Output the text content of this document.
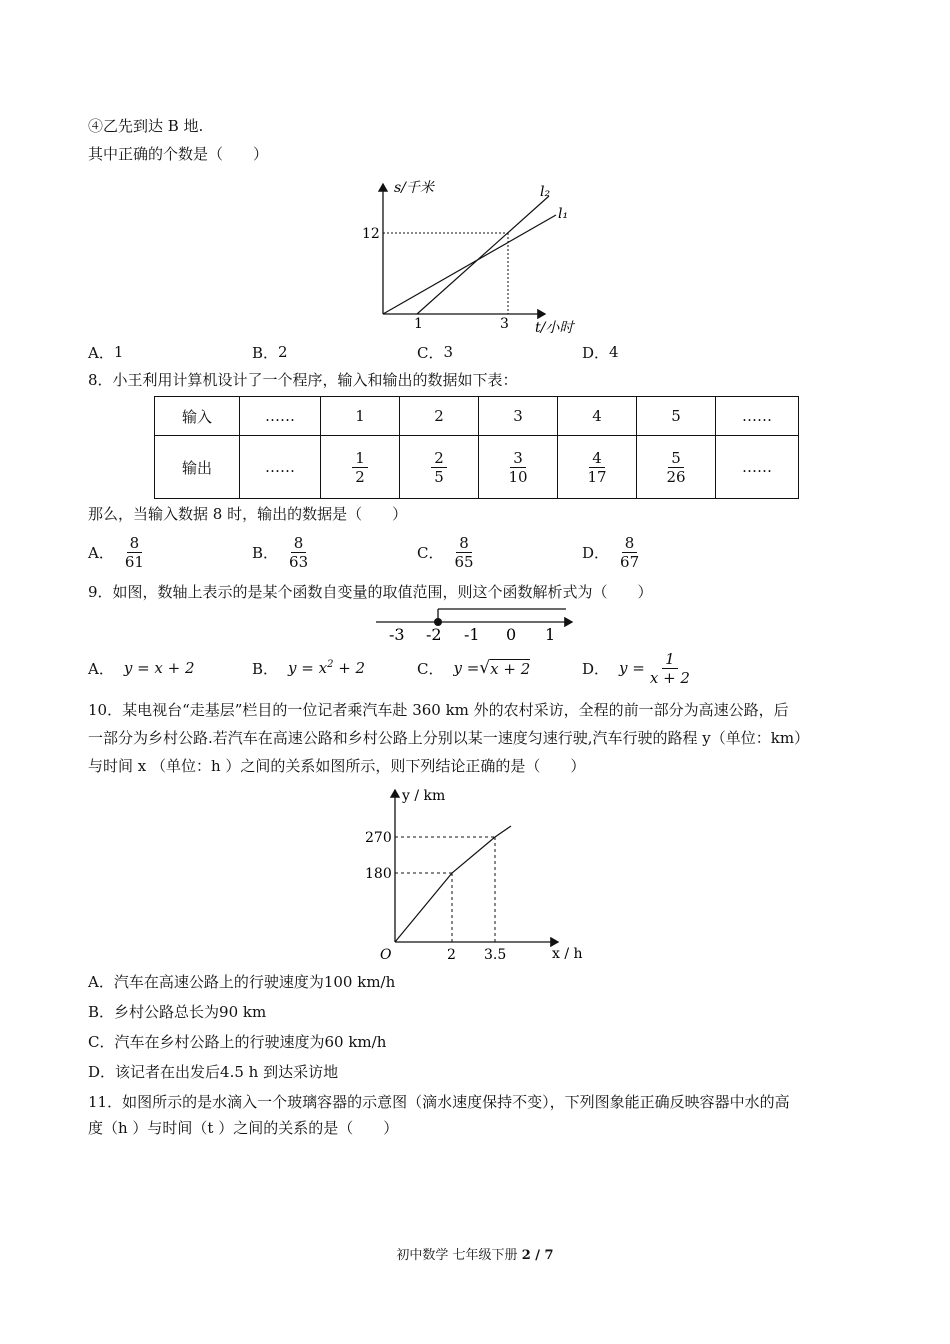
④乙先到达 B 地.
其中正确的个数是（　　）
s/千米
t/小时
12
1	3
l₂
l₁
A． 1	B． 2	C． 3	D． 4
8．小王利用计算机设计了一个程序，输入和输出的数据如下表：
输入	……	1	2	3	4	5	……
输出	……	$\frac{1}{2}$	$\frac{2}{5}$	$\frac{3}{10}$	$\frac{4}{17}$	$\frac{5}{26}$	……
那么，当输入数据 8 时，输出的数据是（　　）
A． $\frac{8}{61}$	B． $\frac{8}{63}$	C． $\frac{8}{65}$	D． $\frac{8}{67}$
9．如图，数轴上表示的是某个函数自变量的取值范围，则这个函数解析式为（　　）
-3 -2 -1 0 1
A． y = x + 2	B． $y = x^2 + 2$	C． y = √ x + 2	D． $y = \frac{1}{x + 2}$
10．某电视台“走基层”栏目的一位记者乘汽车赴 360 km 外的农村采访，全程的前一部分为高速公路，后
一部分为乡村公路.若汽车在高速公路和乡村公路上分别以某一速度匀速行驶,汽车行驶的路程 y（单位：km）
与时间 x （单位：h ）之间的关系如图所示，则下列结论正确的是（　　）
y / km
x / h
O
270
180
2 3.5
A．汽车在高速公路上的行驶速度为100 km/h
B．乡村公路总长为90 km
C．汽车在乡村公路上的行驶速度为60 km/h
D．该记者在出发后4.5 h 到达采访地
11．如图所示的是水滴入一个玻璃容器的示意图（滴水速度保持不变），下列图象能正确反映容器中水的高
度（h ）与时间（t ）之间的关系的是（　　）
初中数学 七年级下册 2 / 7
